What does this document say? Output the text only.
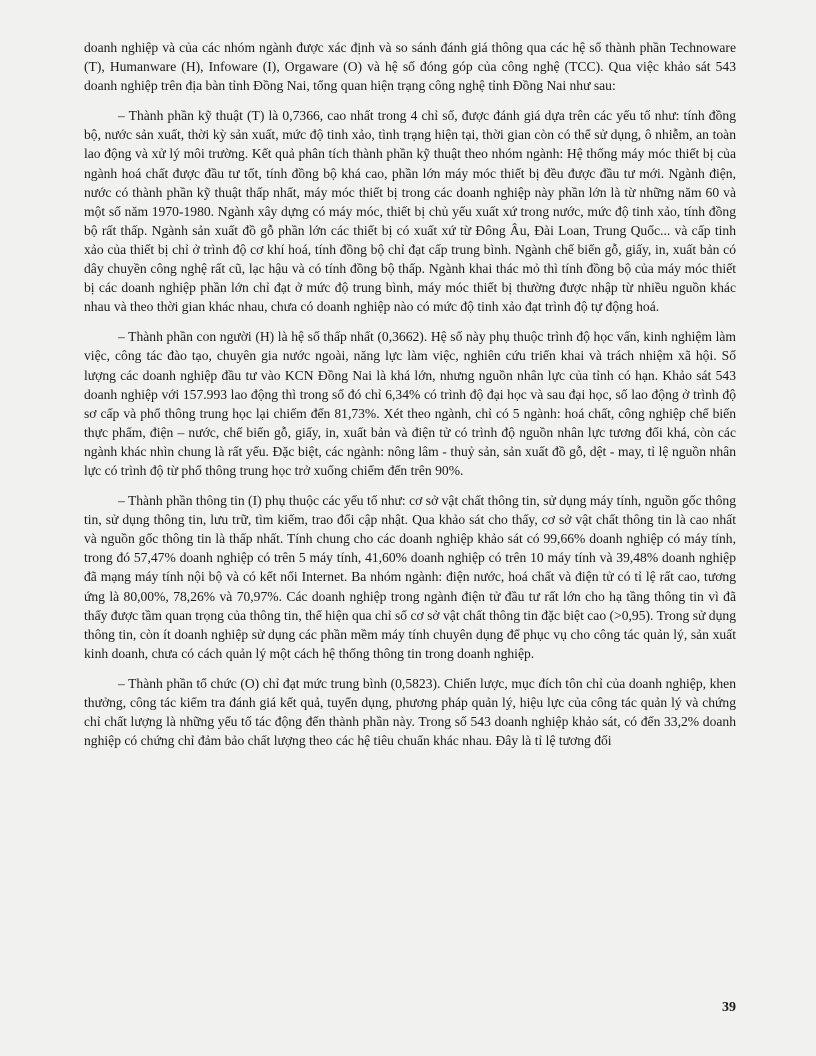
doanh nghiệp và của các nhóm ngành được xác định và so sánh đánh giá thông qua các hệ số thành phần Technoware (T), Humanware (H), Infoware (I), Orgaware (O) và hệ số đóng góp của công nghệ (TCC). Qua việc khảo sát 543 doanh nghiệp trên địa bàn tỉnh Đồng Nai, tổng quan hiện trạng công nghệ tỉnh Đồng Nai như sau:

– Thành phần kỹ thuật (T) là 0,7366, cao nhất trong 4 chỉ số, được đánh giá dựa trên các yếu tố như: tính đồng bộ, nước sản xuất, thời kỳ sản xuất, mức độ tinh xảo, tình trạng hiện tại, thời gian còn có thể sử dụng, ô nhiễm, an toàn lao động và xử lý môi trường. Kết quả phân tích thành phần kỹ thuật theo nhóm ngành: Hệ thống máy móc thiết bị của ngành hoá chất được đầu tư tốt, tính đồng bộ khá cao, phần lớn máy móc thiết bị đều được đầu tư mới. Ngành điện, nước có thành phần kỹ thuật thấp nhất, máy móc thiết bị trong các doanh nghiệp này phần lớn là từ những năm 60 và một số năm 1970-1980. Ngành xây dựng có máy móc, thiết bị chủ yếu xuất xứ trong nước, mức độ tinh xảo, tính đồng bộ rất thấp. Ngành sản xuất đồ gỗ phần lớn các thiết bị có xuất xứ từ Đông Âu, Đài Loan, Trung Quốc... và cấp tinh xảo của thiết bị chỉ ở trình độ cơ khí hoá, tính đồng bộ chỉ đạt cấp trung bình. Ngành chế biến gỗ, giấy, in, xuất bản có dây chuyền công nghệ rất cũ, lạc hậu và có tính đồng bộ thấp. Ngành khai thác mỏ thì tính đồng bộ của máy móc thiết bị các doanh nghiệp phần lớn chỉ đạt ở mức độ trung bình, máy móc thiết bị thường được nhập từ nhiều nguồn khác nhau và theo thời gian khác nhau, chưa có doanh nghiệp nào có mức độ tinh xảo đạt trình độ tự động hoá.

– Thành phần con người (H) là hệ số thấp nhất (0,3662). Hệ số này phụ thuộc trình độ học vấn, kinh nghiệm làm việc, công tác đào tạo, chuyên gia nước ngoài, năng lực làm việc, nghiên cứu triển khai và trách nhiệm xã hội. Số lượng các doanh nghiệp đầu tư vào KCN Đồng Nai là khá lớn, nhưng nguồn nhân lực của tỉnh có hạn. Khảo sát 543 doanh nghiệp với 157.993 lao động thì trong số đó chỉ 6,34% có trình độ đại học và sau đại học, số lao động ở trình độ sơ cấp và phổ thông trung học lại chiếm đến 81,73%. Xét theo ngành, chỉ có 5 ngành: hoá chất, công nghiệp chế biến thực phẩm, điện – nước, chế biến gỗ, giấy, in, xuất bản và điện tử có trình độ nguồn nhân lực tương đối khá, còn các ngành khác nhìn chung là rất yếu. Đặc biệt, các ngành: nông lâm - thuỷ sản, sản xuất đồ gỗ, dệt - may, tỉ lệ nguồn nhân lực có trình độ từ phổ thông trung học trở xuống chiếm đến trên 90%.

– Thành phần thông tin (I) phụ thuộc các yếu tố như: cơ sở vật chất thông tin, sử dụng máy tính, nguồn gốc thông tin, sử dụng thông tin, lưu trữ, tìm kiếm, trao đổi cập nhật. Qua khảo sát cho thấy, cơ sở vật chất thông tin là cao nhất và nguồn gốc thông tin là thấp nhất. Tính chung cho các doanh nghiệp khảo sát có 99,66% doanh nghiệp có máy tính, trong đó 57,47% doanh nghiệp có trên 5 máy tính, 41,60% doanh nghiệp có trên 10 máy tính và 39,48% doanh nghiệp đã mạng máy tính nội bộ và có kết nối Internet. Ba nhóm ngành: điện nước, hoá chất và điện tử có tỉ lệ rất cao, tương ứng là 80,00%, 78,26% và 70,97%. Các doanh nghiệp trong ngành điện tử đầu tư rất lớn cho hạ tầng thông tin vì đã thấy được tầm quan trọng của thông tin, thể hiện qua chỉ số cơ sở vật chất thông tin đặc biệt cao (>0,95). Trong sử dụng thông tin, còn ít doanh nghiệp sử dụng các phần mềm máy tính chuyên dụng để phục vụ cho công tác quản lý, sản xuất kinh doanh, chưa có cách quản lý một cách hệ thống thông tin trong doanh nghiệp.

– Thành phần tổ chức (O) chỉ đạt mức trung bình (0,5823). Chiến lược, mục đích tôn chỉ của doanh nghiệp, khen thưởng, công tác kiểm tra đánh giá kết quả, tuyển dụng, phương pháp quản lý, hiệu lực của công tác quản lý và chứng chỉ chất lượng là những yếu tố tác động đến thành phần này. Trong số 543 doanh nghiệp khảo sát, có đến 33,2% doanh nghiệp có chứng chỉ đảm bảo chất lượng theo các hệ tiêu chuẩn khác nhau. Đây là tỉ lệ tương đối

39
